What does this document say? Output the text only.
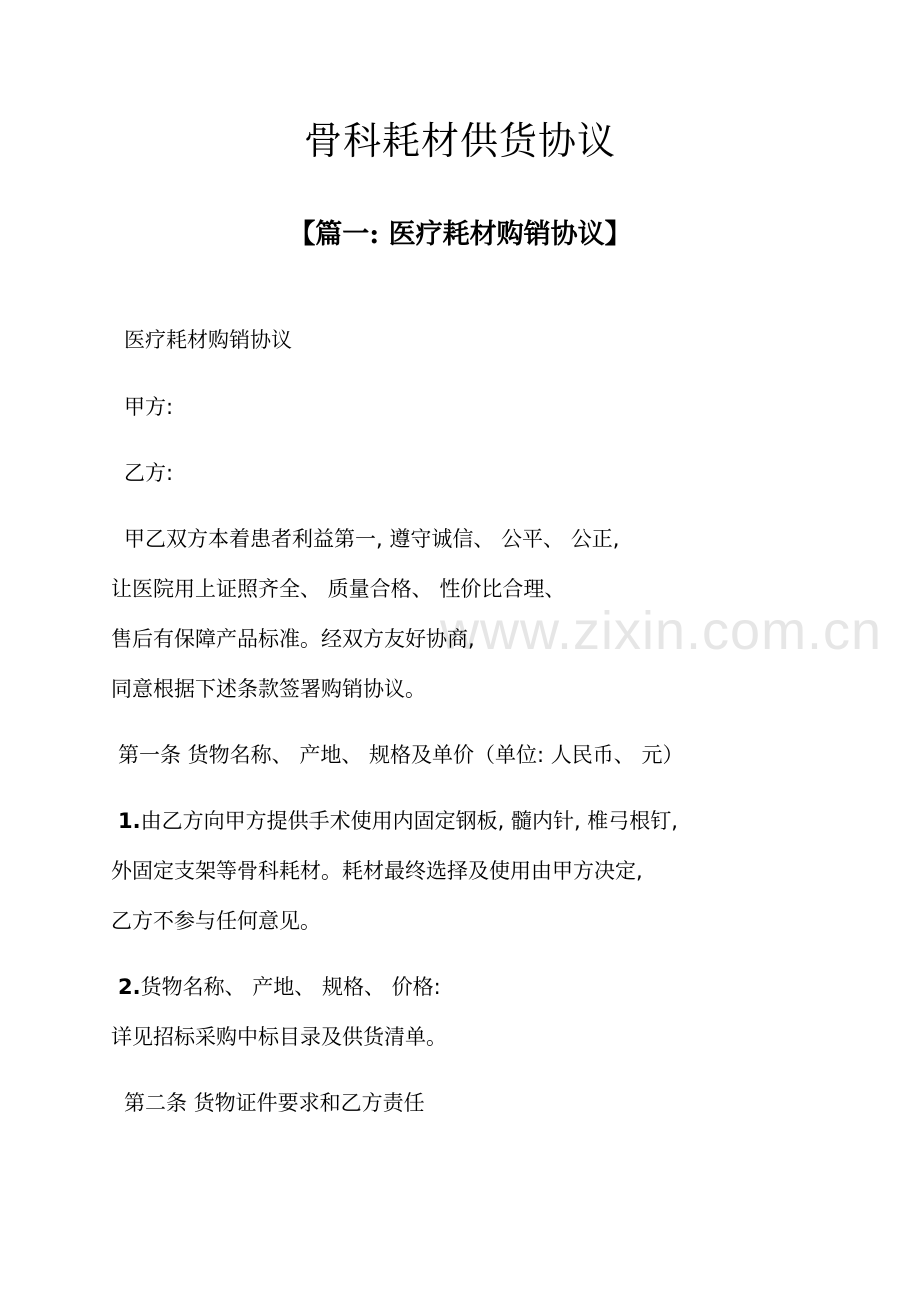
www.zixin.com.cn
骨科耗材供货协议
【篇一: 医疗耗材购销协议】

医疗耗材购销协议

甲方:

乙方:

甲乙双方本着患者利益第一, 遵守诚信、 公平、 公正,

让医院用上证照齐全、 质量合格、 性价比合理、

售后有保障产品标准。经双方友好协商,

同意根据下述条款签署购销协议。

第一条 货物名称、 产地、 规格及单价（单位: 人民币、 元）

1.由乙方向甲方提供手术使用内固定钢板, 髓内针, 椎弓根钉,

外固定支架等骨科耗材。耗材最终选择及使用由甲方决定,

乙方不参与任何意见。

2.货物名称、 产地、 规格、 价格:

详见招标采购中标目录及供货清单。

第二条 货物证件要求和乙方责任
